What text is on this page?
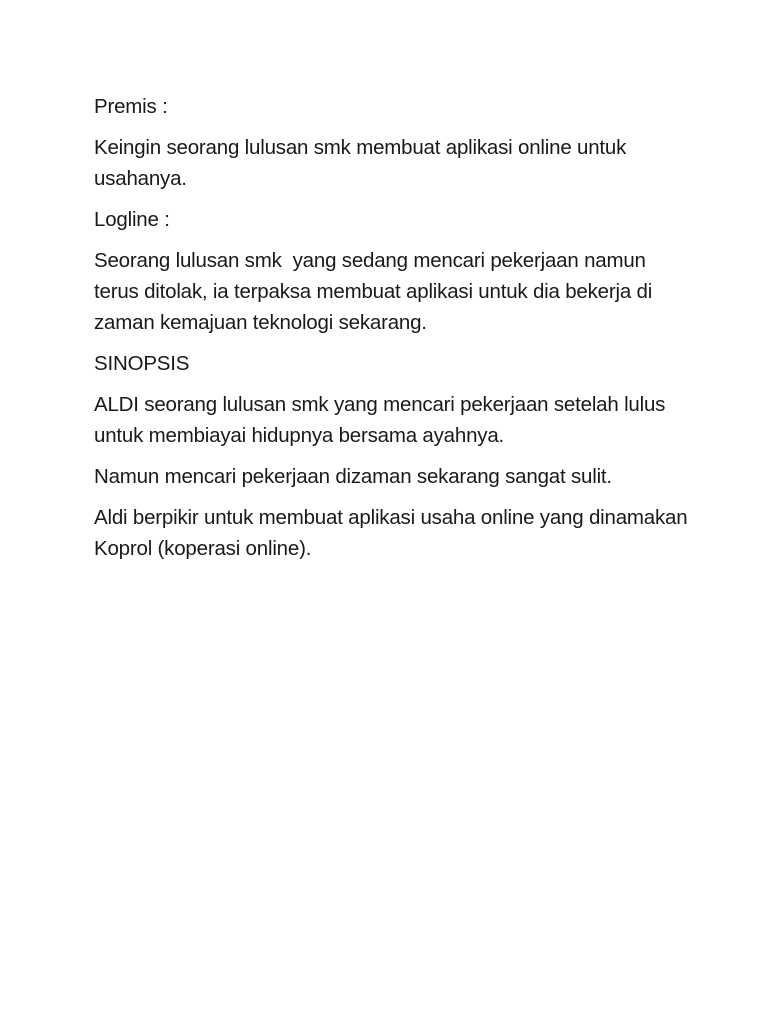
Premis :

Keingin seorang lulusan smk membuat aplikasi online untuk usahanya.

Logline :

Seorang lulusan smk  yang sedang mencari pekerjaan namun terus ditolak, ia terpaksa membuat aplikasi untuk dia bekerja di zaman kemajuan teknologi sekarang.

SINOPSIS

ALDI seorang lulusan smk yang mencari pekerjaan setelah lulus untuk membiayai hidupnya bersama ayahnya.

Namun mencari pekerjaan dizaman sekarang sangat sulit.

Aldi berpikir untuk membuat aplikasi usaha online yang dinamakan Koprol (koperasi online).
